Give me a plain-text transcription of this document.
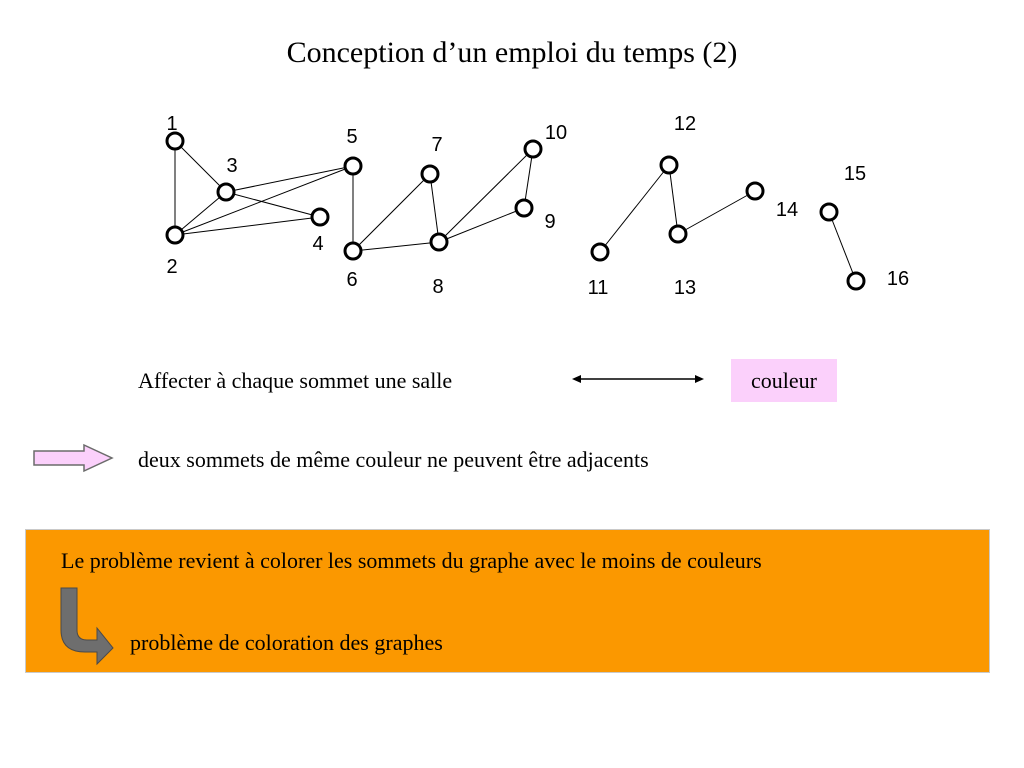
Conception d’un emploi du temps (2)
1
2
3
4
5
6
7
8
9
10
11
12
13
14
15
16
Affecter à chaque sommet une salle	couleur
deux sommets de même couleur ne peuvent être adjacents
Le problème revient à colorer les sommets du graphe avec le moins de couleurs
problème de coloration des graphes
